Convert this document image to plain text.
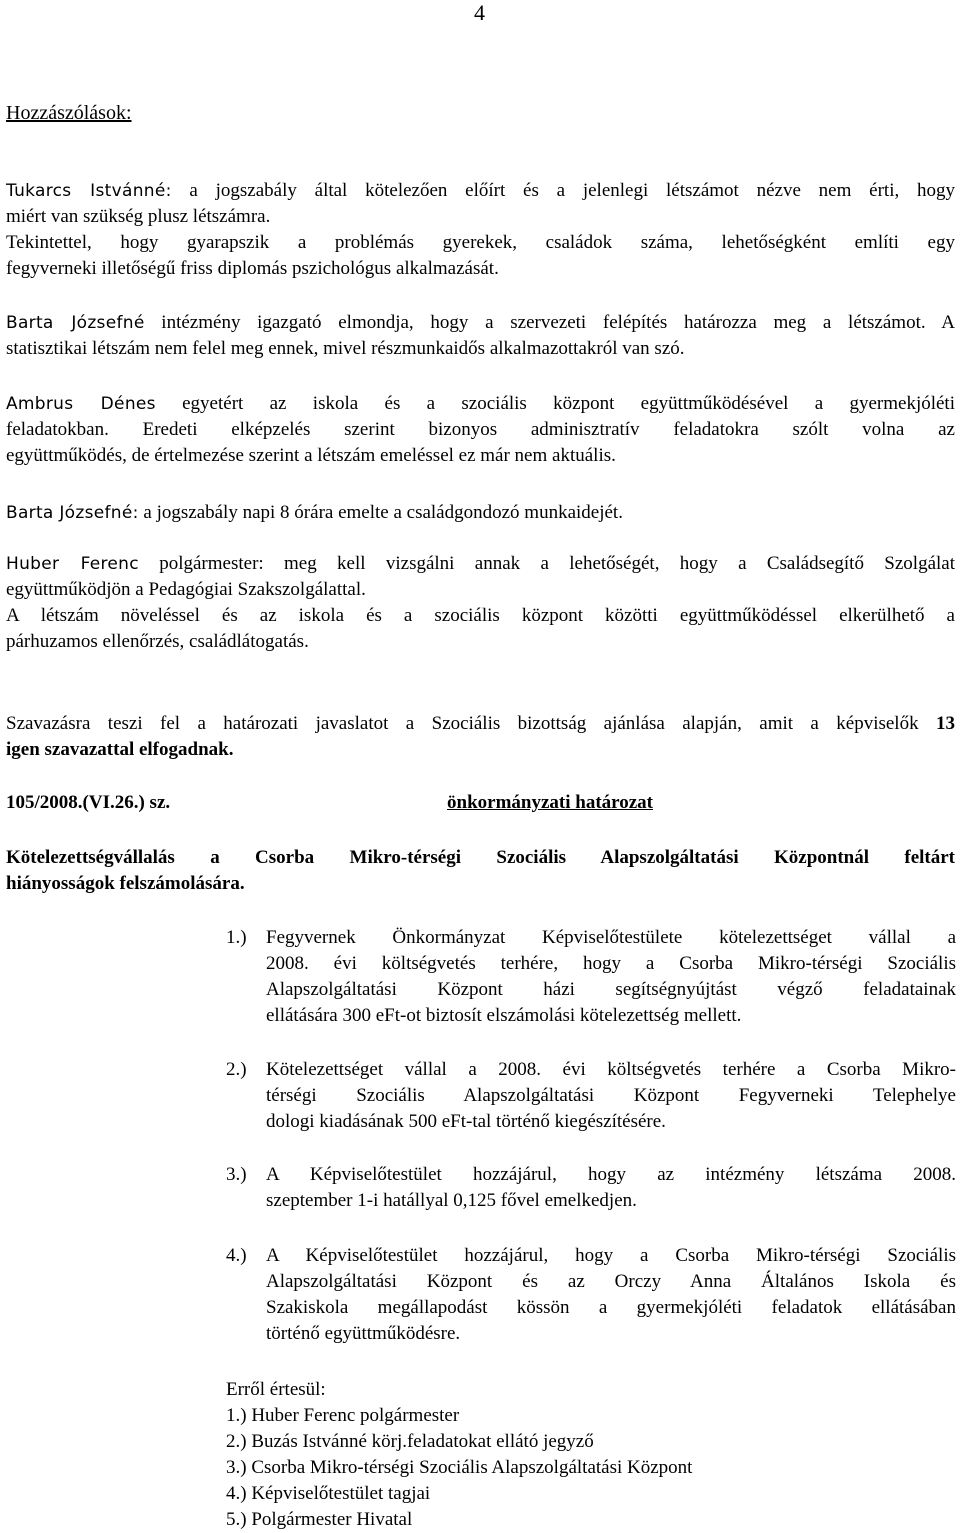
4
Hozzászólások:
Tukarcs Istvánné: a jogszabály által kötelezően előírt és a jelenlegi létszámot nézve nem érti, hogy
miért van szükség plusz létszámra.
Tekintettel, hogy gyarapszik a problémás gyerekek, családok száma, lehetőségként említi egy
fegyverneki illetőségű friss diplomás pszichológus alkalmazását.
Barta Józsefné intézmény igazgató elmondja, hogy a szervezeti felépítés határozza meg a létszámot. A
statisztikai létszám nem felel meg ennek, mivel részmunkaidős alkalmazottakról van szó.
Ambrus Dénes egyetért az iskola és a szociális központ együttműködésével a gyermekjóléti
feladatokban. Eredeti elképzelés szerint bizonyos adminisztratív feladatokra szólt volna az
együttműködés, de értelmezése szerint a létszám emeléssel ez már nem aktuális.
Barta Józsefné: a jogszabály napi 8 órára emelte a családgondozó munkaidejét.
Huber Ferenc polgármester: meg kell vizsgálni annak a lehetőségét, hogy a Családsegítő Szolgálat
együttműködjön a Pedagógiai Szakszolgálattal.
A létszám növeléssel és az iskola és a szociális központ közötti együttműködéssel elkerülhető a
párhuzamos ellenőrzés, családlátogatás.
Szavazásra teszi fel a határozati javaslatot a Szociális bizottság ajánlása alapján, amit a képviselők 13
igen szavazattal elfogadnak.
105/2008.(VI.26.) sz.	önkormányzati határozat
Kötelezettségvállalás a Csorba Mikro-térségi Szociális Alapszolgáltatási Központnál feltárt
hiányosságok felszámolására.
1.) Fegyvernek Önkormányzat Képviselőtestülete kötelezettséget vállal a
2008. évi költségvetés terhére, hogy a Csorba Mikro-térségi Szociális
Alapszolgáltatási Központ házi segítségnyújtást végző feladatainak
ellátására 300 eFt-ot biztosít elszámolási kötelezettség mellett.
2.) Kötelezettséget vállal a 2008. évi költségvetés terhére a Csorba Mikro-
térségi Szociális Alapszolgáltatási Központ Fegyverneki Telephelye
dologi kiadásának 500 eFt-tal történő kiegészítésére.
3.) A Képviselőtestület hozzájárul, hogy az intézmény létszáma 2008.
szeptember 1-i hatállyal 0,125 fővel emelkedjen.
4.) A Képviselőtestület hozzájárul, hogy a Csorba Mikro-térségi Szociális
Alapszolgáltatási Központ és az Orczy Anna Általános Iskola és
Szakiskola megállapodást kössön a gyermekjóléti feladatok ellátásában
történő együttműködésre.
Erről értesül:
1.) Huber Ferenc polgármester
2.) Buzás Istvánné körj.feladatokat ellátó jegyző
3.) Csorba Mikro-térségi Szociális Alapszolgáltatási Központ
4.) Képviselőtestület tagjai
5.) Polgármester Hivatal
